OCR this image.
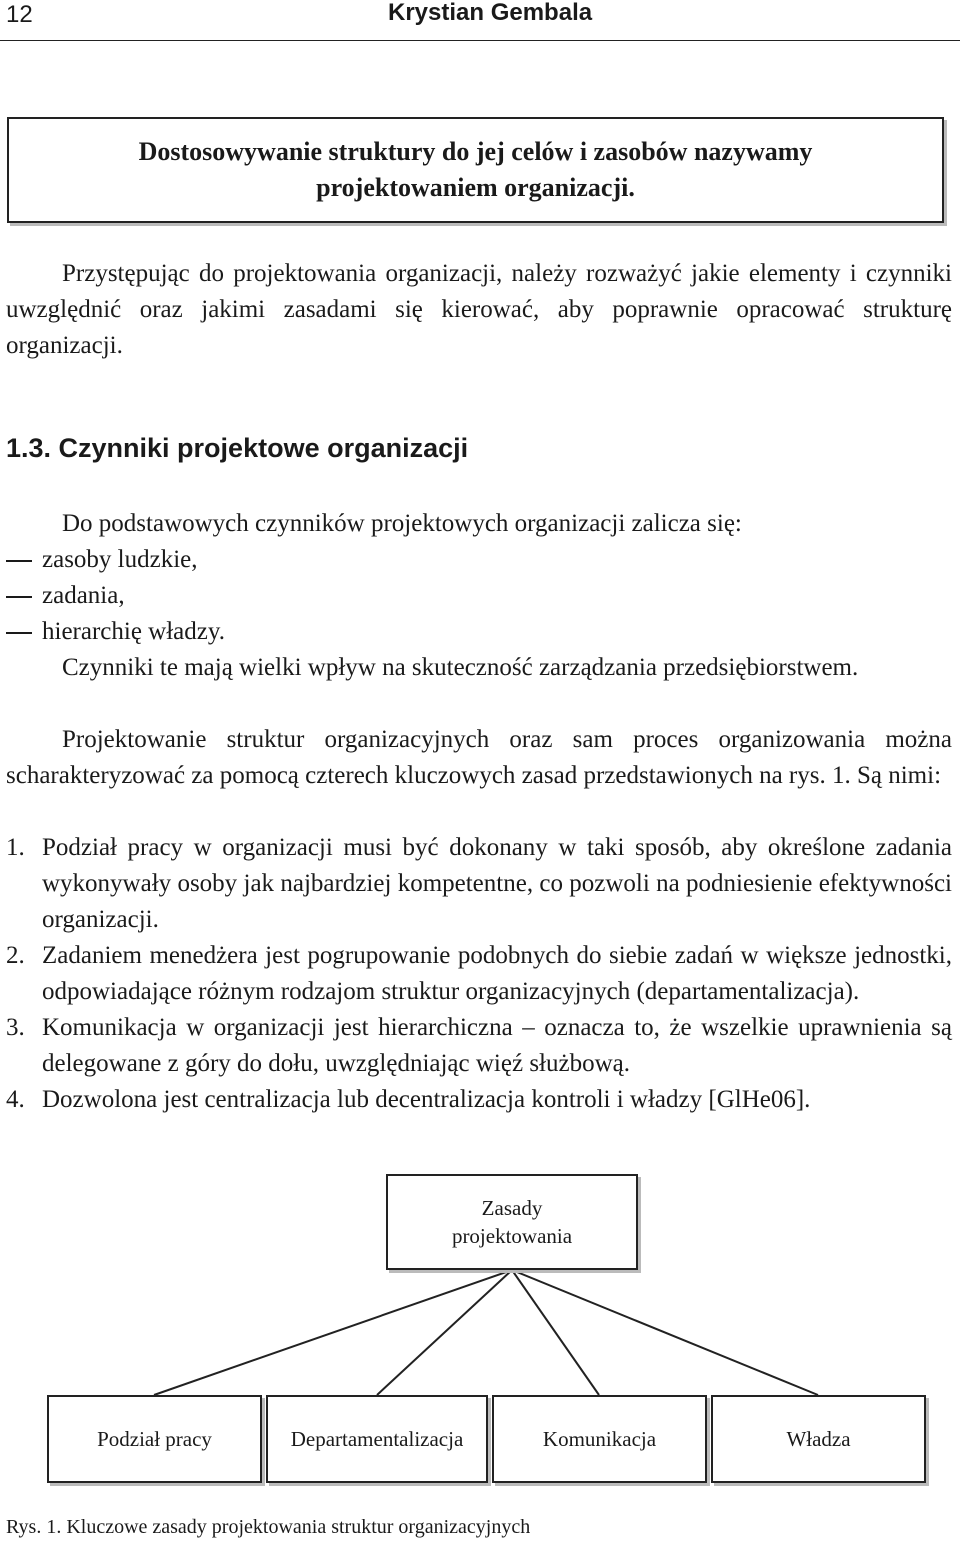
12	Krystian Gembala
Dostosowywanie struktury do jej celów i zasobów nazywamy projektowaniem organizacji.

Przystępując do projektowania organizacji, należy rozważyć jakie elementy i czynniki uwzględnić oraz jakimi zasadami się kierować, aby poprawnie opracować strukturę organizacji.

1.3. Czynniki projektowe organizacji

Do podstawowych czynników projektowych organizacji zalicza się:

zasoby ludzkie,
zadania,
hierarchię władzy.

Czynniki te mają wielki wpływ na skuteczność zarządzania przedsiębiorstwem.

Projektowanie struktur organizacyjnych oraz sam proces organizowania można scharakteryzować za pomocą czterech kluczowych zasad przedstawionych na rys. 1. Są nimi:

1. Podział pracy w organizacji musi być dokonany w taki sposób, aby określone zadania wykonywały osoby jak najbardziej kompetentne, co pozwoli na podniesienie efektywności organizacji.
2. Zadaniem menedżera jest pogrupowanie podobnych do siebie zadań w większe jednostki, odpowiadające różnym rodzajom struktur organizacyjnych (departamentalizacja).
3. Komunikacja w organizacji jest hierarchiczna – oznacza to, że wszelkie uprawnienia są delegowane z góry do dołu, uwzględniając więź służbową.
4. Dozwolona jest centralizacja lub decentralizacja kontroli i władzy [GlHe06].
Zasady projektowania
Podział pracy	Departamentalizacja	Komunikacja	Władza
Rys. 1. Kluczowe zasady projektowania struktur organizacyjnych
